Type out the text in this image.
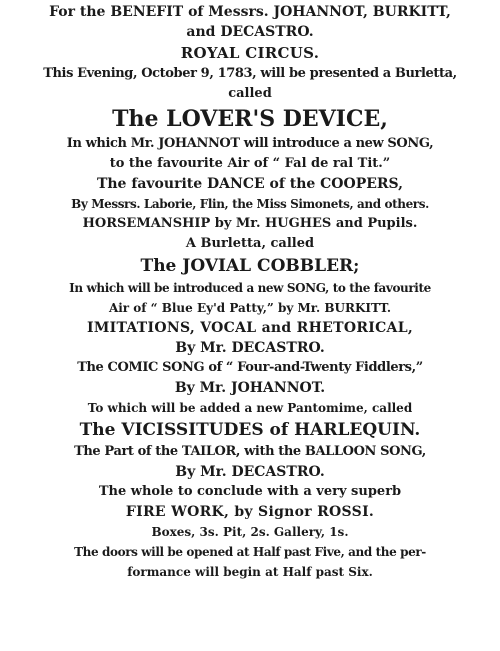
For the BENEFIT of Messrs. JOHANNOT, BURKITT,
and DECASTRO.
ROYAL CIRCUS.
This Evening, October 9, 1783, will be presented a Burletta,
called
The LOVER'S DEVICE,
In which Mr. JOHANNOT will introduce a new SONG,
to the favourite Air of “ Fal de ral Tit.”
The favourite DANCE of the COOPERS,
By Messrs. Laborie, Flin, the Miss Simonets, and others.
HORSEMANSHIP by Mr. HUGHES and Pupils.
A Burletta, called
The JOVIAL COBBLER;
In which will be introduced a new SONG, to the favourite
Air of “ Blue Ey'd Patty,” by Mr. BURKITT.
IMITATIONS, VOCAL and RHETORICAL,
By Mr. DECASTRO.
The COMIC SONG of “ Four-and-Twenty Fiddlers,”
By Mr. JOHANNOT.
To which will be added a new Pantomime, called
The VICISSITUDES of HARLEQUIN.
The Part of the TAILOR, with the BALLOON SONG,
By Mr. DECASTRO.
The whole to conclude with a very superb
FIRE WORK, by Signor ROSSI.
Boxes, 3s. Pit, 2s. Gallery, 1s.
The doors will be opened at Half past Five, and the per-
formance will begin at Half past Six.
